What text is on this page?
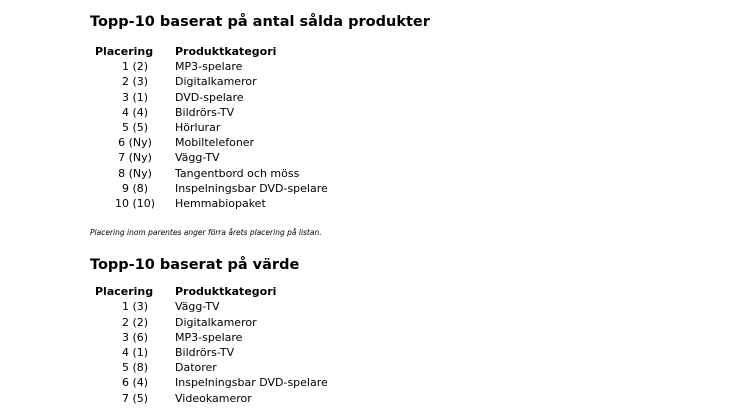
Topp-10 baserat på antal sålda produkter
Placering	Produktkategori
1 (2)	MP3-spelare
2 (3)	Digitalkameror
3 (1)	DVD-spelare
4 (4)	Bildrörs-TV
5 (5)	Hörlurar
6 (Ny)	Mobiltelefoner
7 (Ny)	Vägg-TV
8 (Ny)	Tangentbord och möss
9 (8)	Inspelningsbar DVD-spelare
10 (10)	Hemmabiopaket

Placering inom parentes anger förra årets placering på listan.

Topp-10 baserat på värde
Placering	Produktkategori
1 (3)	Vägg-TV
2 (2)	Digitalkameror
3 (6)	MP3-spelare
4 (1)	Bildrörs-TV
5 (8)	Datorer
6 (4)	Inspelningsbar DVD-spelare
7 (5)	Videokameror
